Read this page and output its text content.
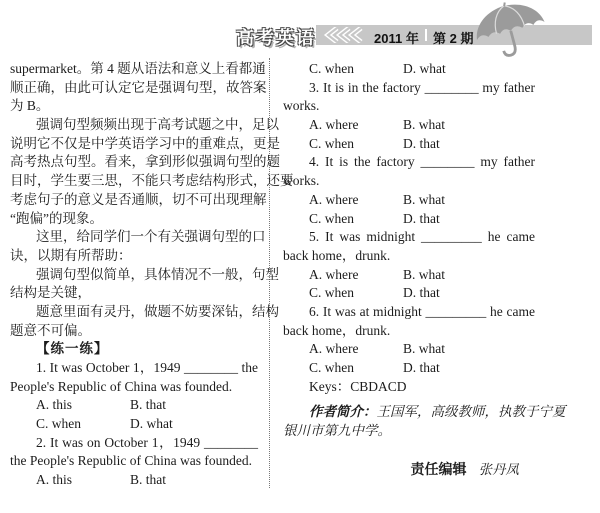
高考英语	2011 年 第 2 期
supermarket。第 4 题从语法和意义上看都通
顺正确，由此可认定它是强调句型，故答案
为 B。
强调句型频频出现于高考试题之中，足以
说明它不仅是中学英语学习中的重难点，更是
高考热点句型。看来，拿到形似强调句型的题
目时，学生要三思，不能只考虑结构形式，还要
考虑句子的意义是否通顺，切不可出现理解
“跑偏”的现象。
这里，给同学们一个有关强调句型的口
诀，以期有所帮助：
强调句型似简单，具体情况不一般，句型
结构是关键，
题意里面有灵丹，做题不妨要深钻，结构
题意不可偏。
【练一练】
1. It was October 1，1949 ________ the
People's Republic of China was founded.
A. this	B. that
C. when	D. what
2. It was on October 1，1949 ________
the People's Republic of China was founded.
A. this	B. that
C. when	D. what
3. It is in the factory ________ my father
works.
A. where	B. what
C. when	D. that
4. It is the factory ________ my father
works.
A. where	B. what
C. when	D. that
5. It was midnight _________ he came
back home，drunk.
A. where	B. what
C. when	D. that
6. It was at midnight _________ he came
back home，drunk.
A. where	B. what
C. when	D. that
Keys：CBDACD
作者简介：王国军，高级教师，执教于宁夏
银川市第九中学。
责任编辑 张丹凤
